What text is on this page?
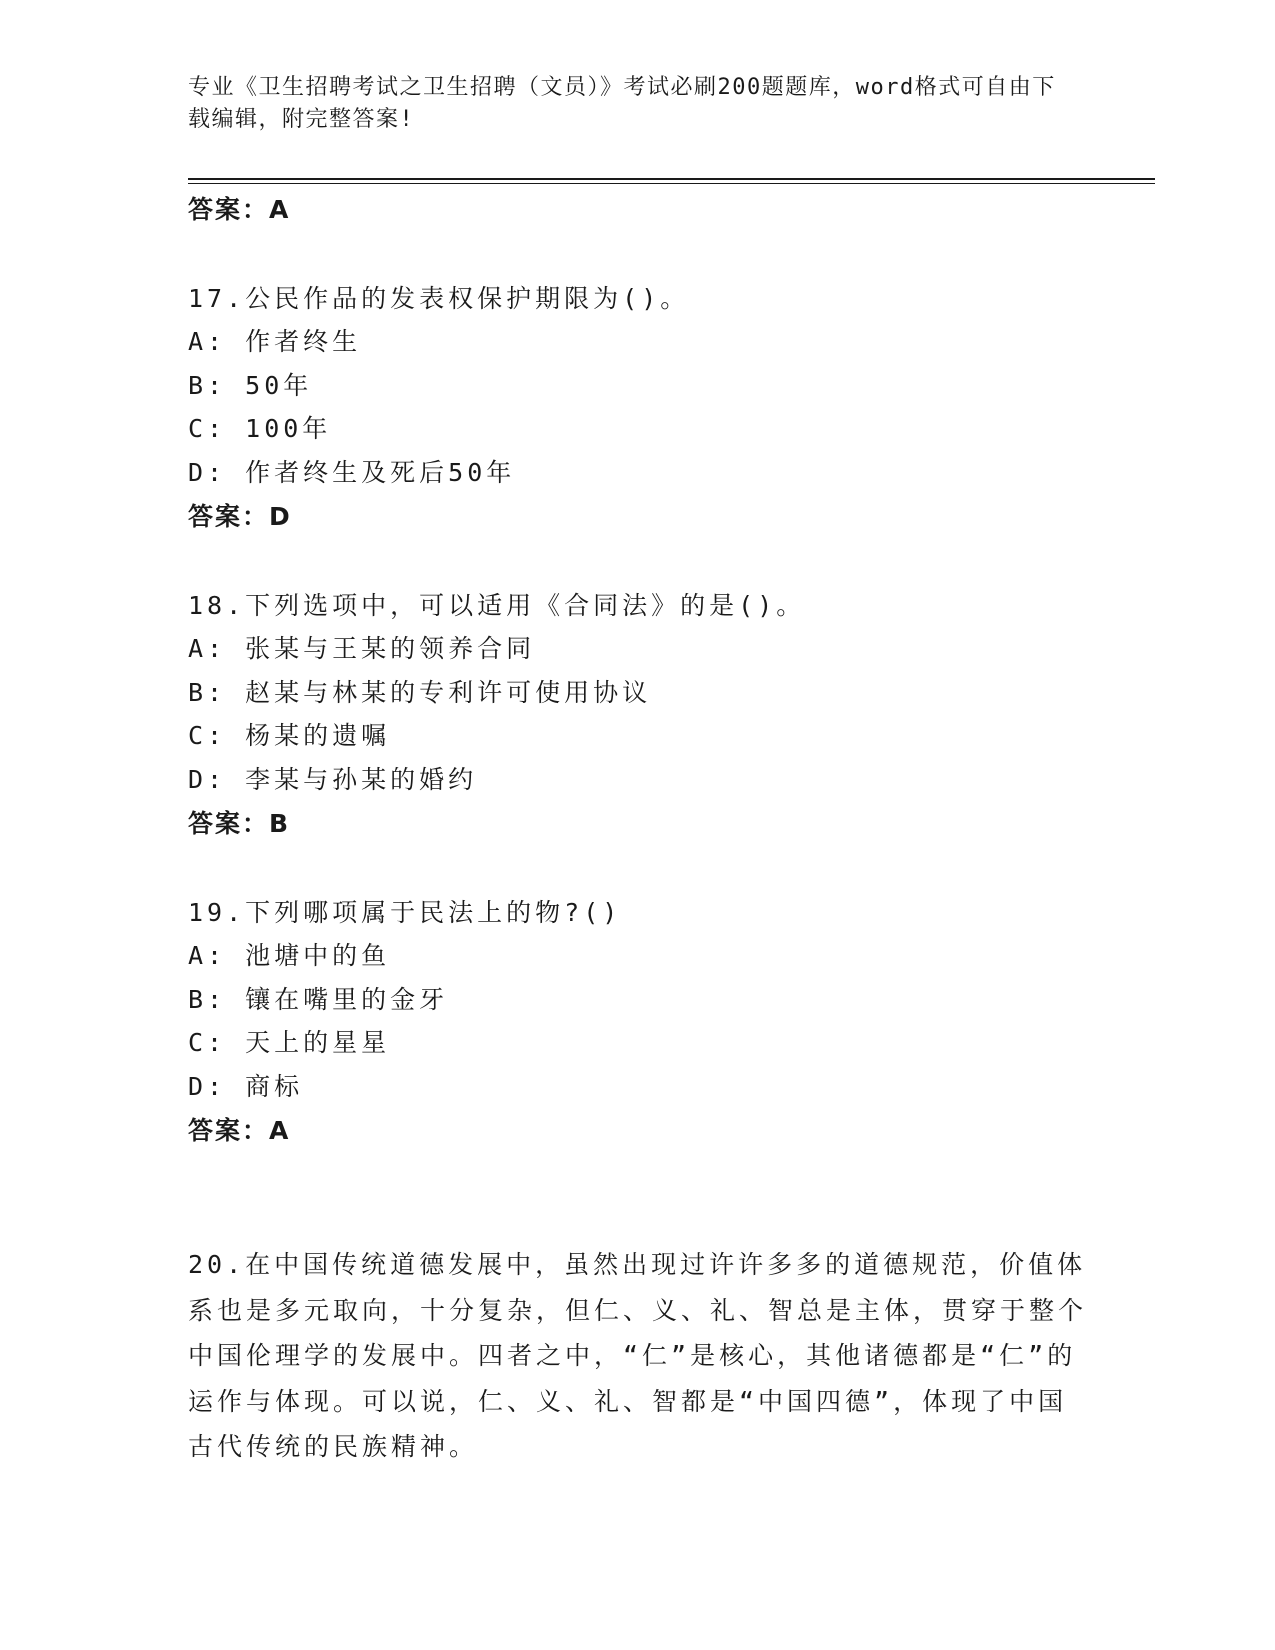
专业《卫生招聘考试之卫生招聘（文员）》考试必刷200题题库，word格式可自由下载编辑，附完整答案!
答案：A
17.公民作品的发表权保护期限为()。
A: 作者终生
B: 50年
C: 100年
D: 作者终生及死后50年
答案：D
18.下列选项中，可以适用《合同法》的是()。
A: 张某与王某的领养合同
B: 赵某与林某的专利许可使用协议
C: 杨某的遗嘱
D: 李某与孙某的婚约
答案：B
19.下列哪项属于民法上的物?()
A: 池塘中的鱼
B: 镶在嘴里的金牙
C: 天上的星星
D: 商标
答案：A
20.在中国传统道德发展中，虽然出现过许许多多的道德规范，价值体系也是多元取向，十分复杂，但仁、义、礼、智总是主体，贯穿于整个中国伦理学的发展中。四者之中，“仁”是核心，其他诸德都是“仁”的运作与体现。可以说，仁、义、礼、智都是“中国四德”，体现了中国古代传统的民族精神。
